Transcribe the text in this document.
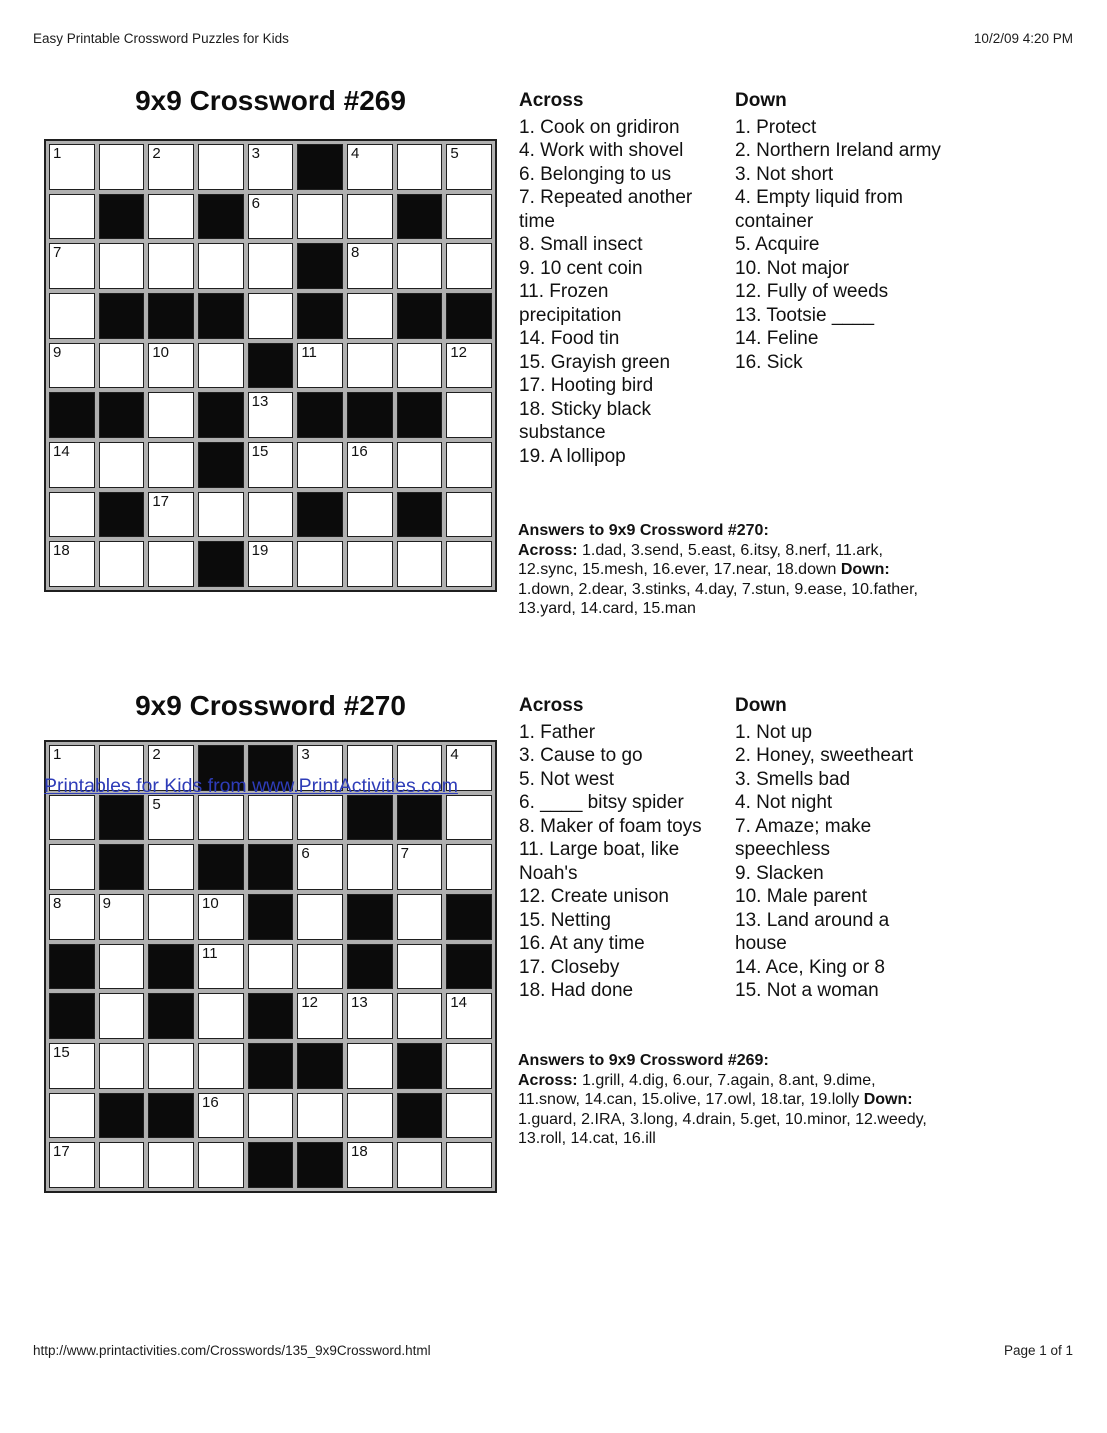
Easy Printable Crossword Puzzles for Kids	10/2/09 4:20 PM
9x9 Crossword #269
1	2	3	4	5
6
7	8
9	10	11	12
13
14	15	16
17
18	19
Across
1. Cook on gridiron
4. Work with shovel
6. Belonging to us
7. Repeated another
time
8. Small insect
9. 10 cent coin
11. Frozen
precipitation
14. Food tin
15. Grayish green
17. Hooting bird
18. Sticky black
substance
19. A lollipop
Down
1. Protect
2. Northern Ireland army
3. Not short
4. Empty liquid from
container
5. Acquire
10. Not major
12. Fully of weeds
13. Tootsie ____
14. Feline
16. Sick
Answers to 9x9 Crossword #270:
Across: 1.dad, 3.send, 5.east, 6.itsy, 8.nerf, 11.ark,
12.sync, 15.mesh, 16.ever, 17.near, 18.down Down:
1.down, 2.dear, 3.stinks, 4.day, 7.stun, 9.ease, 10.father,
13.yard, 14.card, 15.man
9x9 Crossword #270
1	2	3	4
5
6	7
8	9	10
11
12	13	14
15
16
17	18
Printables for Kids from www.PrintActivities.com
Across
1. Father
3. Cause to go
5. Not west
6. ____ bitsy spider
8. Maker of foam toys
11. Large boat, like
Noah's
12. Create unison
15. Netting
16. At any time
17. Closeby
18. Had done
Down
1. Not up
2. Honey, sweetheart
3. Smells bad
4. Not night
7. Amaze; make
speechless
9. Slacken
10. Male parent
13. Land around a
house
14. Ace, King or 8
15. Not a woman
Answers to 9x9 Crossword #269:
Across: 1.grill, 4.dig, 6.our, 7.again, 8.ant, 9.dime,
11.snow, 14.can, 15.olive, 17.owl, 18.tar, 19.lolly Down:
1.guard, 2.IRA, 3.long, 4.drain, 5.get, 10.minor, 12.weedy,
13.roll, 14.cat, 16.ill
http://www.printactivities.com/Crosswords/135_9x9Crossword.html	Page 1 of 1
